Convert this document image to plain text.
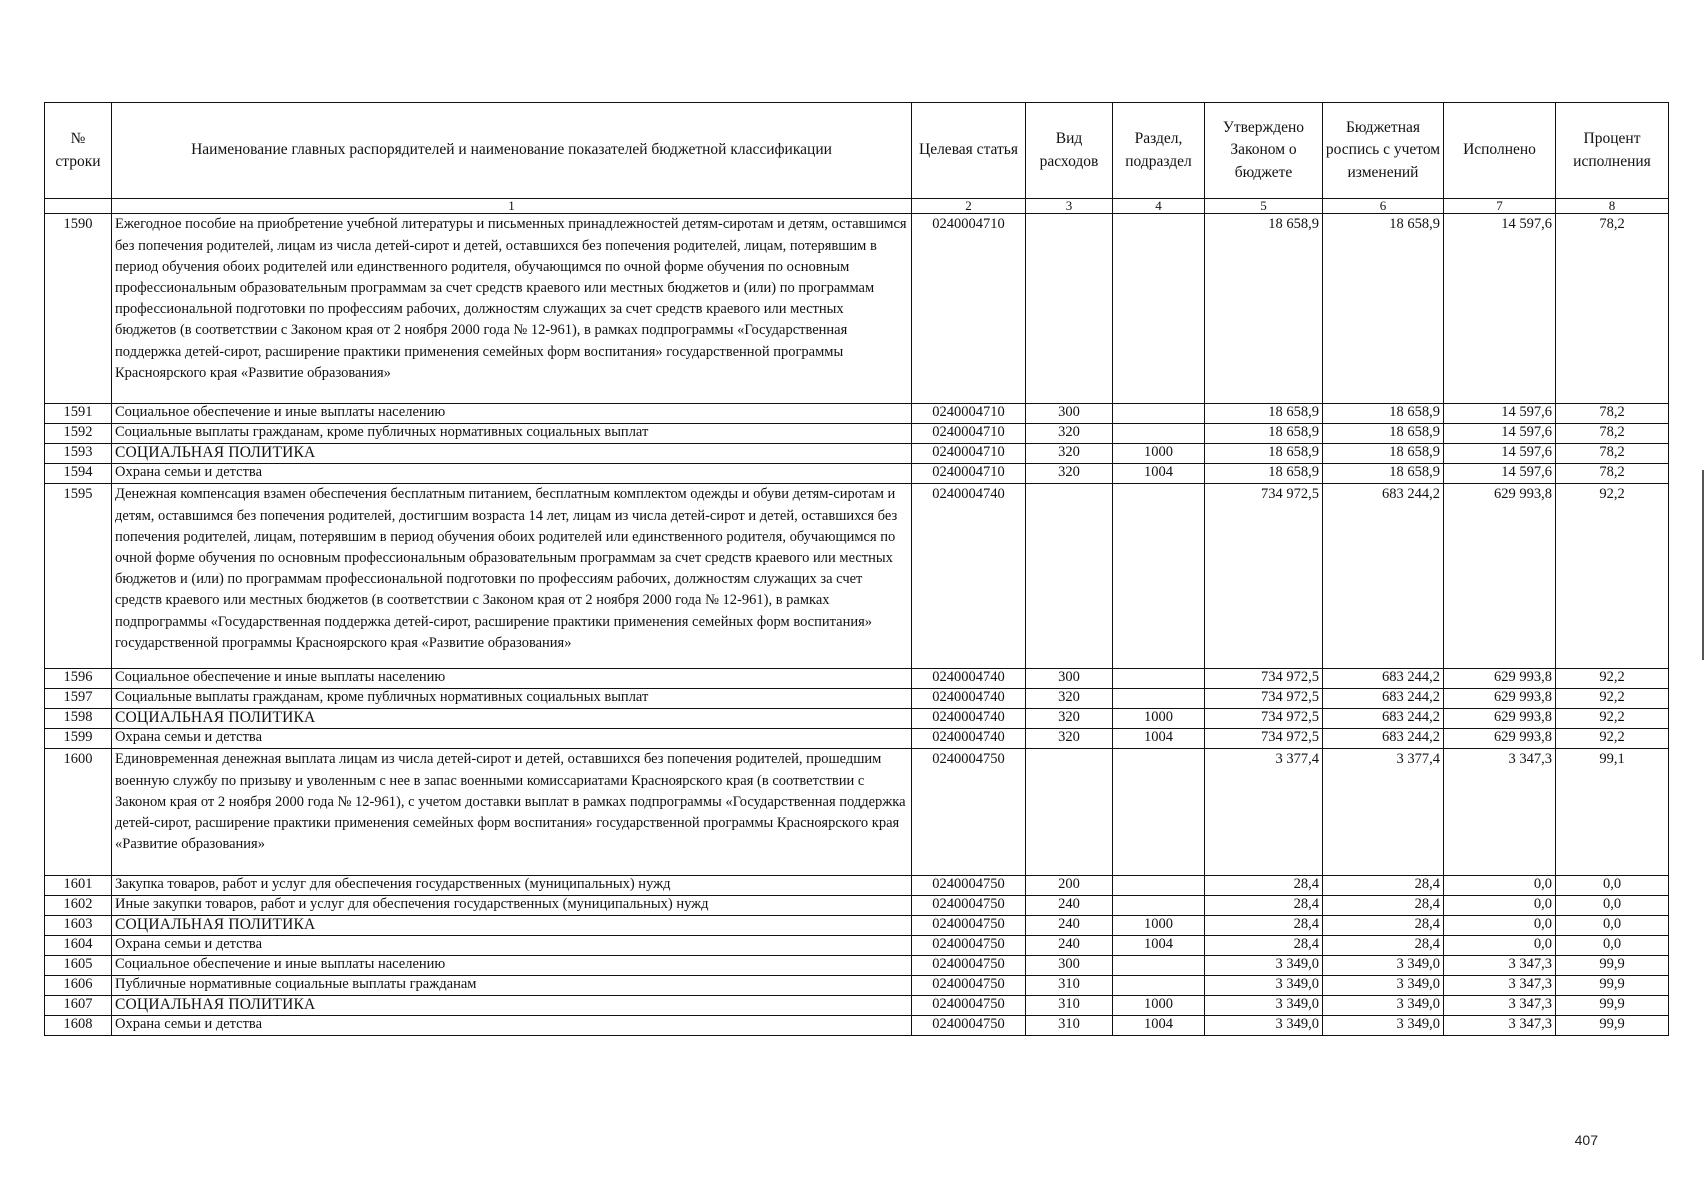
№ строки	Наименование главных распорядителей и наименование показателей бюджетной классификации	Целевая статья	Вид расходов	Раздел, подраздел	Утверждено Законом о бюджете	Бюджетная роспись с учетом изменений	Исполнено	Процент исполнения
	1	2	3	4	5	6	7	8
1590	Ежегодное пособие на приобретение учебной литературы и письменных принадлежностей детям-сиротам и детям, оставшимся без попечения родителей, лицам из числа детей-сирот и детей, оставшихся без попечения родителей, лицам, потерявшим в период обучения обоих родителей или единственного родителя, обучающимся по очной форме обучения по основным профессиональным образовательным программам за счет средств краевого или местных бюджетов и (или) по программам профессиональной подготовки по профессиям рабочих, должностям служащих за счет средств краевого или местных бюджетов (в соответствии с Законом края от 2 ноября 2000 года № 12-961), в рамках подпрограммы «Государственная поддержка детей-сирот, расширение практики применения семейных форм воспитания» государственной программы Красноярского края «Развитие образования»	0240004710			18 658,9	18 658,9	14 597,6	78,2
1591	Социальное обеспечение и иные выплаты населению	0240004710	300		18 658,9	18 658,9	14 597,6	78,2
1592	Социальные выплаты гражданам, кроме публичных нормативных социальных выплат	0240004710	320		18 658,9	18 658,9	14 597,6	78,2
1593	СОЦИАЛЬНАЯ ПОЛИТИКА	0240004710	320	1000	18 658,9	18 658,9	14 597,6	78,2
1594	Охрана семьи и детства	0240004710	320	1004	18 658,9	18 658,9	14 597,6	78,2
1595	Денежная компенсация взамен обеспечения бесплатным питанием, бесплатным комплектом одежды и обуви детям-сиротам и детям, оставшимся без попечения родителей, достигшим возраста 14 лет, лицам из числа детей-сирот и детей, оставшихся без попечения родителей, лицам, потерявшим в период обучения обоих родителей или единственного родителя, обучающимся по очной форме обучения по основным профессиональным образовательным программам за счет средств краевого или местных бюджетов и (или) по программам профессиональной подготовки по профессиям рабочих, должностям служащих за счет средств краевого или местных бюджетов (в соответствии с Законом края от 2 ноября 2000 года № 12-961), в рамках подпрограммы «Государственная поддержка детей-сирот, расширение практики применения семейных форм воспитания» государственной программы Красноярского края «Развитие образования»	0240004740			734 972,5	683 244,2	629 993,8	92,2
1596	Социальное обеспечение и иные выплаты населению	0240004740	300		734 972,5	683 244,2	629 993,8	92,2
1597	Социальные выплаты гражданам, кроме публичных нормативных социальных выплат	0240004740	320		734 972,5	683 244,2	629 993,8	92,2
1598	СОЦИАЛЬНАЯ ПОЛИТИКА	0240004740	320	1000	734 972,5	683 244,2	629 993,8	92,2
1599	Охрана семьи и детства	0240004740	320	1004	734 972,5	683 244,2	629 993,8	92,2
1600	Единовременная денежная выплата лицам из числа детей-сирот и детей, оставшихся без попечения родителей, прошедшим военную службу по призыву и уволенным с нее в запас военными комиссариатами Красноярского края (в соответствии с Законом края от 2 ноября 2000 года № 12-961), с учетом доставки выплат в рамках подпрограммы «Государственная поддержка детей-сирот, расширение практики применения семейных форм воспитания» государственной программы Красноярского края «Развитие образования»	0240004750			3 377,4	3 377,4	3 347,3	99,1
1601	Закупка товаров, работ и услуг для обеспечения государственных (муниципальных) нужд	0240004750	200		28,4	28,4	0,0	0,0
1602	Иные закупки товаров, работ и услуг для обеспечения государственных (муниципальных) нужд	0240004750	240		28,4	28,4	0,0	0,0
1603	СОЦИАЛЬНАЯ ПОЛИТИКА	0240004750	240	1000	28,4	28,4	0,0	0,0
1604	Охрана семьи и детства	0240004750	240	1004	28,4	28,4	0,0	0,0
1605	Социальное обеспечение и иные выплаты населению	0240004750	300		3 349,0	3 349,0	3 347,3	99,9
1606	Публичные нормативные социальные выплаты гражданам	0240004750	310		3 349,0	3 349,0	3 347,3	99,9
1607	СОЦИАЛЬНАЯ ПОЛИТИКА	0240004750	310	1000	3 349,0	3 349,0	3 347,3	99,9
1608	Охрана семьи и детства	0240004750	310	1004	3 349,0	3 349,0	3 347,3	99,9
407
